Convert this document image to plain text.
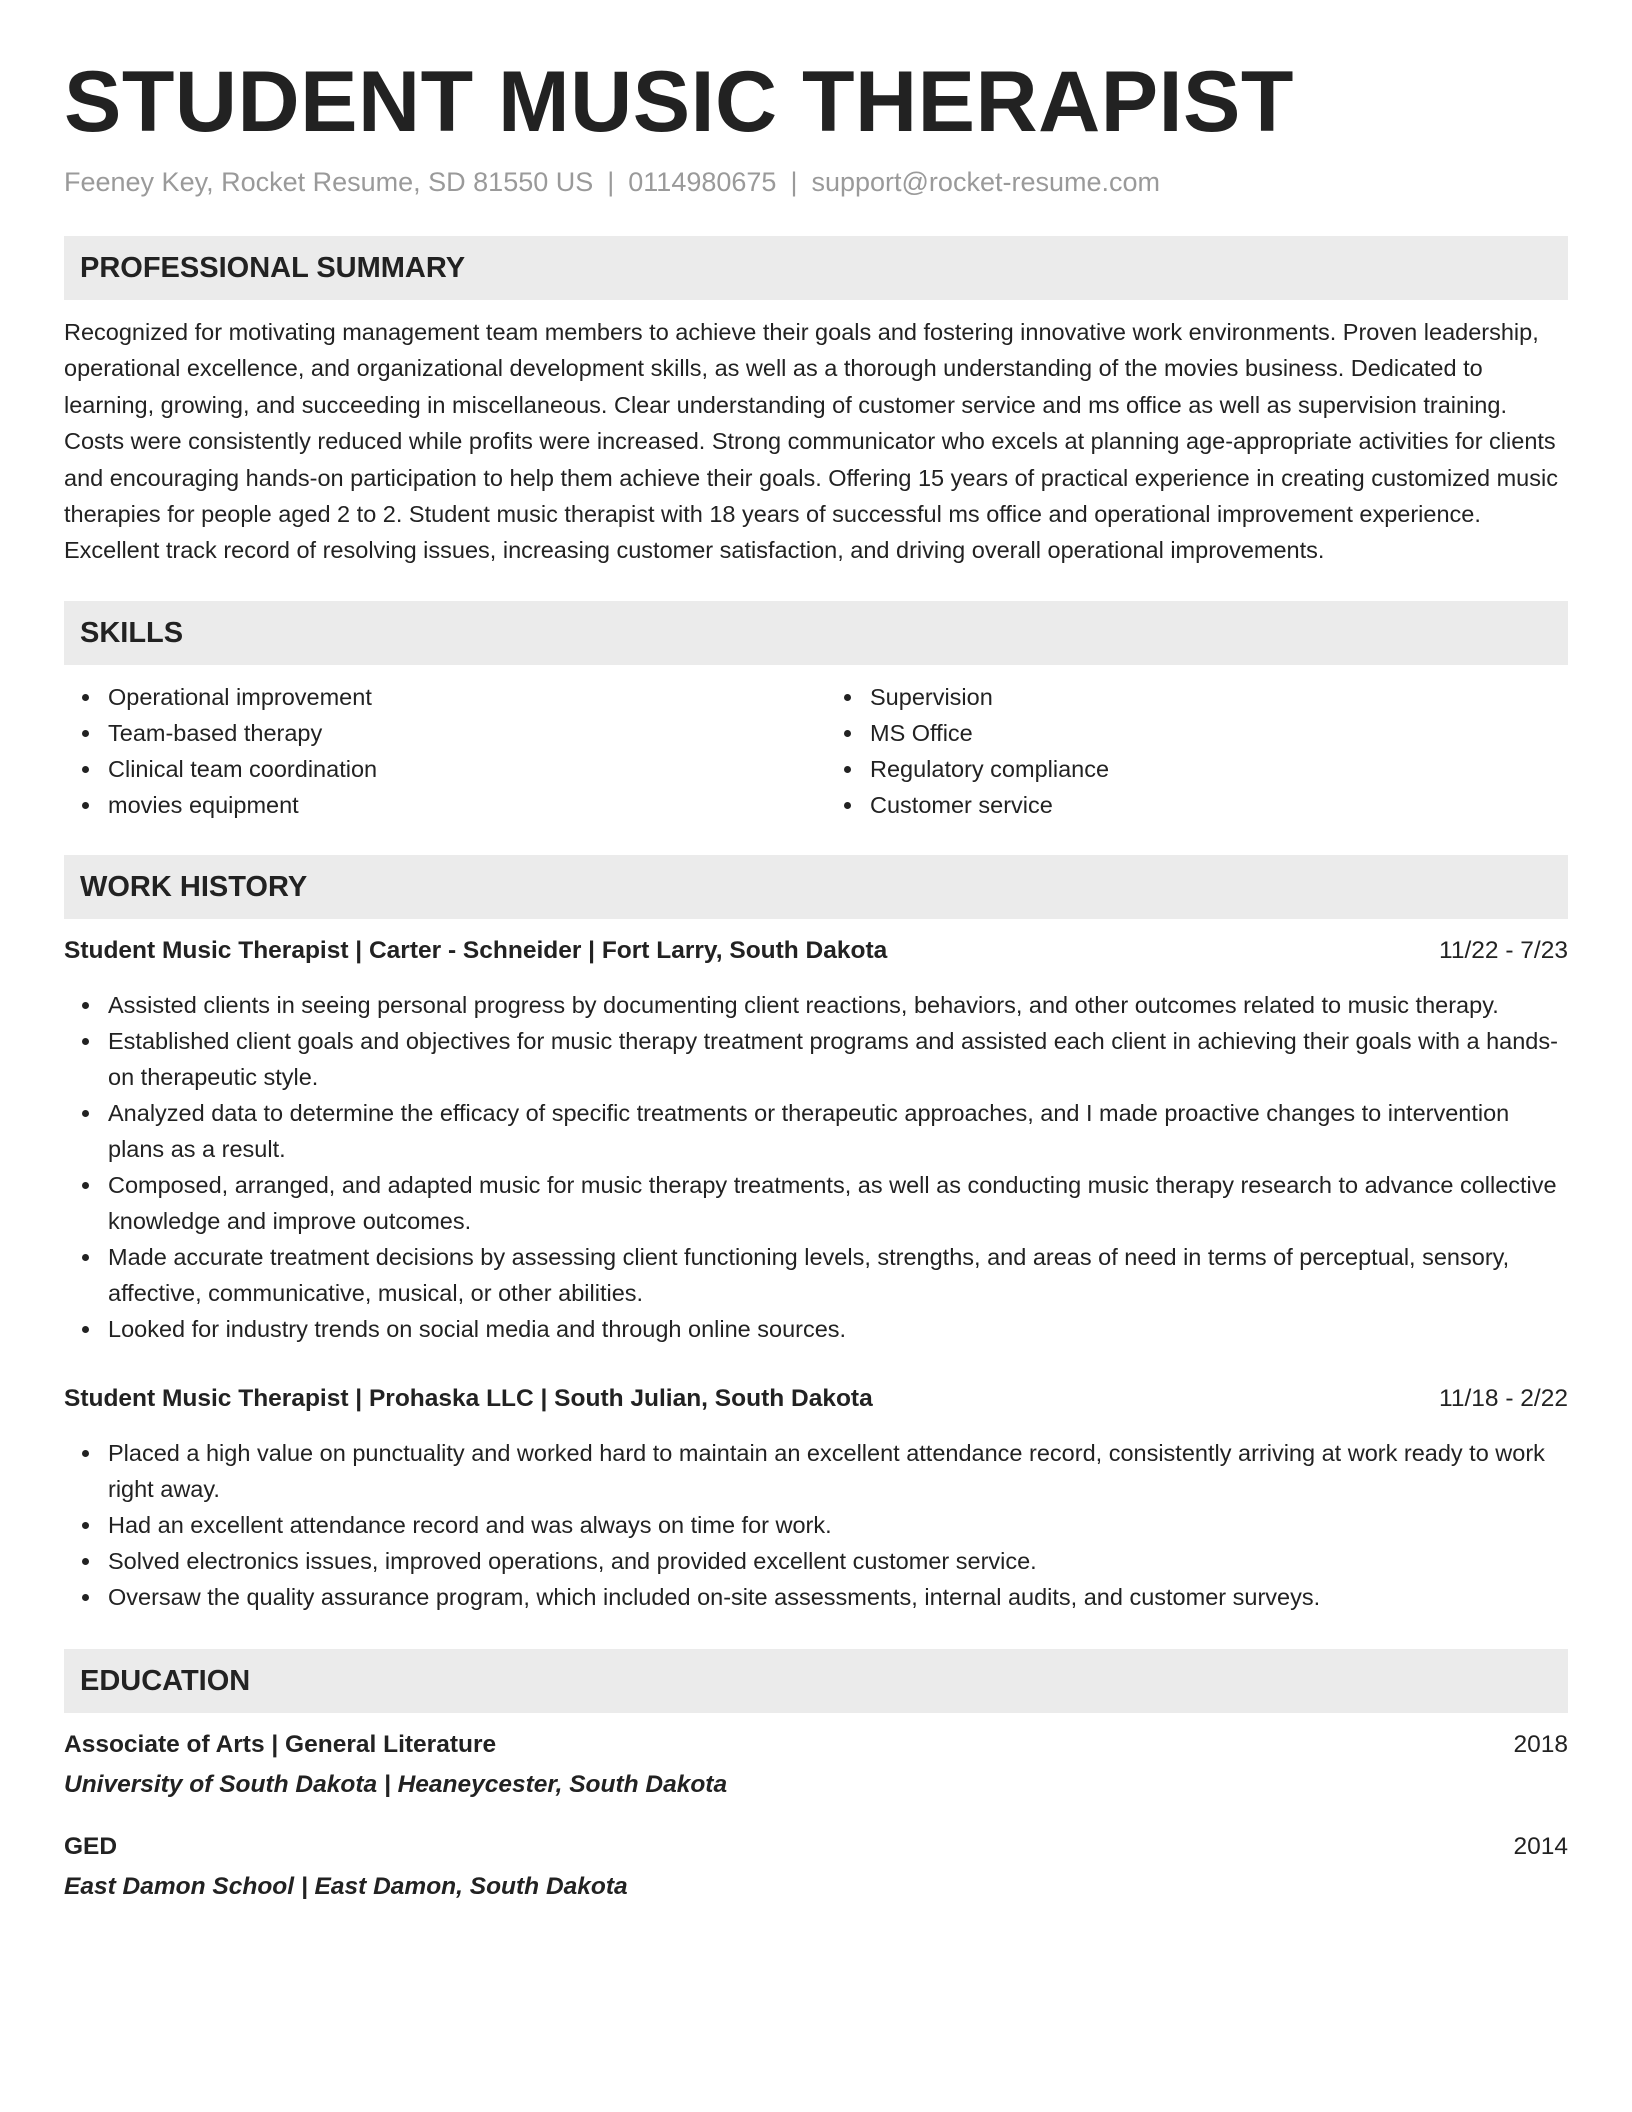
STUDENT MUSIC THERAPIST
Feeney Key, Rocket Resume, SD 81550 US | 0114980675 | support@rocket-resume.com
PROFESSIONAL SUMMARY

Recognized for motivating management team members to achieve their goals and fostering innovative work environments. Proven leadership, operational excellence, and organizational development skills, as well as a thorough understanding of the movies business. Dedicated to learning, growing, and succeeding in miscellaneous. Clear understanding of customer service and ms office as well as supervision training. Costs were consistently reduced while profits were increased. Strong communicator who excels at planning age-appropriate activities for clients and encouraging hands-on participation to help them achieve their goals. Offering 15 years of practical experience in creating customized music therapies for people aged 2 to 2. Student music therapist with 18 years of successful ms office and operational improvement experience. Excellent track record of resolving issues, increasing customer satisfaction, and driving overall operational improvements.

SKILLS
Operational improvement
Team-based therapy
Clinical team coordination
movies equipment
Supervision
MS Office
Regulatory compliance
Customer service
WORK HISTORY
Student Music Therapist | Carter - Schneider | Fort Larry, South Dakota	11/22 - 7/23
Assisted clients in seeing personal progress by documenting client reactions, behaviors, and other outcomes related to music therapy.
Established client goals and objectives for music therapy treatment programs and assisted each client in achieving their goals with a hands-on therapeutic style.
Analyzed data to determine the efficacy of specific treatments or therapeutic approaches, and I made proactive changes to intervention plans as a result.
Composed, arranged, and adapted music for music therapy treatments, as well as conducting music therapy research to advance collective knowledge and improve outcomes.
Made accurate treatment decisions by assessing client functioning levels, strengths, and areas of need in terms of perceptual, sensory, affective, communicative, musical, or other abilities.
Looked for industry trends on social media and through online sources.
Student Music Therapist | Prohaska LLC | South Julian, South Dakota	11/18 - 2/22
Placed a high value on punctuality and worked hard to maintain an excellent attendance record, consistently arriving at work ready to work right away.
Had an excellent attendance record and was always on time for work.
Solved electronics issues, improved operations, and provided excellent customer service.
Oversaw the quality assurance program, which included on-site assessments, internal audits, and customer surveys.
EDUCATION
Associate of Arts | General Literature	2018
University of South Dakota | Heaneycester, South Dakota
GED	2014
East Damon School | East Damon, South Dakota
